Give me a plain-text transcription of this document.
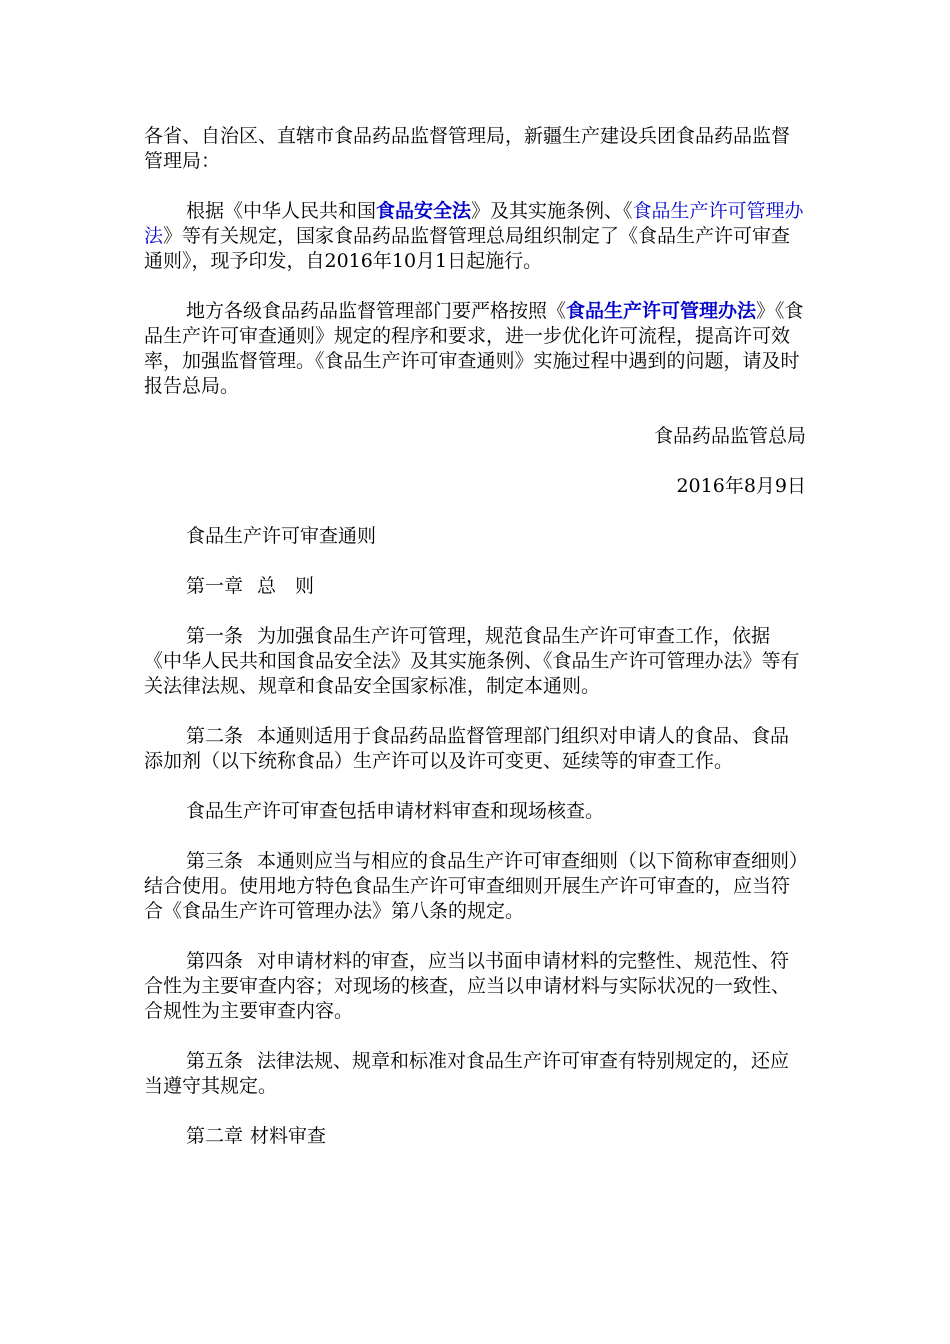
各省、自治区、直辖市食品药品监督管理局，新疆生产建设兵团食品药品监督管理局：

根据《中华人民共和国食品安全法》及其实施条例、《食品生产许可管理办法》等有关规定，国家食品药品监督管理总局组织制定了《食品生产许可审查通则》，现予印发，自2016年10月1日起施行。

地方各级食品药品监督管理部门要严格按照《食品生产许可管理办法》《食品生产许可审查通则》规定的程序和要求，进一步优化许可流程，提高许可效率，加强监督管理。《食品生产许可审查通则》实施过程中遇到的问题，请及时报告总局。

食品药品监管总局

2016年8月9日

食品生产许可审查通则

第一章 总　则

第一条 为加强食品生产许可管理，规范食品生产许可审查工作，依据《中华人民共和国食品安全法》及其实施条例、《食品生产许可管理办法》等有关法律法规、规章和食品安全国家标准，制定本通则。

第二条 本通则适用于食品药品监督管理部门组织对申请人的食品、食品添加剂（以下统称食品）生产许可以及许可变更、延续等的审查工作。

食品生产许可审查包括申请材料审查和现场核查。

第三条 本通则应当与相应的食品生产许可审查细则（以下简称审查细则）结合使用。使用地方特色食品生产许可审查细则开展生产许可审查的，应当符合《食品生产许可管理办法》第八条的规定。

第四条 对申请材料的审查，应当以书面申请材料的完整性、规范性、符合性为主要审查内容；对现场的核查，应当以申请材料与实际状况的一致性、合规性为主要审查内容。

第五条 法律法规、规章和标准对食品生产许可审查有特别规定的，还应当遵守其规定。

第二章 材料审查
